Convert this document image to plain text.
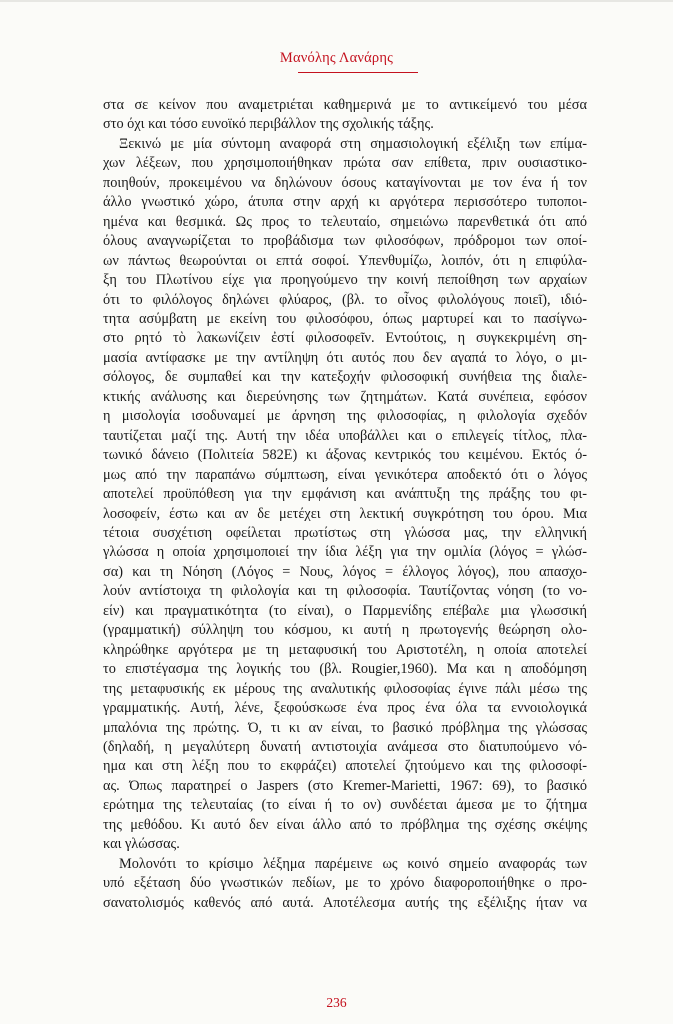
Μανόλης Λανάρης
στα σε κείνον που αναμετριέται καθημερινά με το αντικείμενό του μέσα
στο όχι και τόσο ευνοϊκό περιβάλλον της σχολικής τάξης.
Ξεκινώ με μία σύντομη αναφορά στη σημασιολογική εξέλιξη των επίμα-
χων λέξεων, που χρησιμοποιήθηκαν πρώτα σαν επίθετα, πριν ουσιαστικο-
ποιηθούν, προκειμένου να δηλώνουν όσους καταγίνονται με τον ένα ή τον
άλλο γνωστικό χώρο, άτυπα στην αρχή κι αργότερα περισσότερο τυποποι-
ημένα και θεσμικά. Ως προς το τελευταίο, σημειώνω παρενθετικά ότι από
όλους αναγνωρίζεται το προβάδισμα των φιλοσόφων, πρόδρομοι των οποί-
ων πάντως θεωρούνται οι επτά σοφοί. Υπενθυμίζω, λοιπόν, ότι η επιφύλα-
ξη του Πλωτίνου είχε για προηγούμενο την κοινή πεποίθηση των αρχαίων
ότι το φιλόλογος δηλώνει φλύαρος, (βλ. το οἶνος φιλολόγους ποιεῖ), ιδιό-
τητα ασύμβατη με εκείνη του φιλοσόφου, όπως μαρτυρεί και το πασίγνω-
στο ρητό τὸ λακωνίζειν ἐστί φιλοσοφεῖν. Εντούτοις, η συγκεκριμένη ση-
μασία αντίφασκε με την αντίληψη ότι αυτός που δεν αγαπά το λόγο, ο μι-
σόλογος, δε συμπαθεί και την κατεξοχήν φιλοσοφική συνήθεια της διαλε-
κτικής ανάλυσης και διερεύνησης των ζητημάτων. Κατά συνέπεια, εφόσον
η μισολογία ισοδυναμεί με άρνηση της φιλοσοφίας, η φιλολογία σχεδόν
ταυτίζεται μαζί της. Αυτή την ιδέα υποβάλλει και ο επιλεγείς τίτλος, πλα-
τωνικό δάνειο (Πολιτεία 582Ε) κι άξονας κεντρικός του κειμένου. Εκτός ό-
μως από την παραπάνω σύμπτωση, είναι γενικότερα αποδεκτό ότι ο λόγος
αποτελεί προϋπόθεση για την εμφάνιση και ανάπτυξη της πράξης του φι-
λοσοφείν, έστω και αν δε μετέχει στη λεκτική συγκρότηση του όρου. Μια
τέτοια συσχέτιση οφείλεται πρωτίστως στη γλώσσα μας, την ελληνική
γλώσσα η οποία χρησιμοποιεί την ίδια λέξη για την ομιλία (λόγος = γλώσ-
σα) και τη Νόηση (Λόγος = Νους, λόγος = έλλογος λόγος), που απασχο-
λούν αντίστοιχα τη φιλολογία και τη φιλοσοφία. Ταυτίζοντας νόηση (το νο-
είν) και πραγματικότητα (το είναι), ο Παρμενίδης επέβαλε μια γλωσσική
(γραμματική) σύλληψη του κόσμου, κι αυτή η πρωτογενής θεώρηση ολο-
κληρώθηκε αργότερα με τη μεταφυσική του Αριστοτέλη, η οποία αποτελεί
το επιστέγασμα της λογικής του (βλ. Rougier,1960). Μα και η αποδόμηση
της μεταφυσικής εκ μέρους της αναλυτικής φιλοσοφίας έγινε πάλι μέσω της
γραμματικής. Αυτή, λένε, ξεφούσκωσε ένα προς ένα όλα τα εννοιολογικά
μπαλόνια της πρώτης. Ό, τι κι αν είναι, το βασικό πρόβλημα της γλώσσας
(δηλαδή, η μεγαλύτερη δυνατή αντιστοιχία ανάμεσα στο διατυπούμενο νό-
ημα και στη λέξη που το εκφράζει) αποτελεί ζητούμενο και της φιλοσοφί-
ας. Όπως παρατηρεί ο Jaspers (στο Kremer-Marietti, 1967: 69), το βασικό
ερώτημα της τελευταίας (το είναι ή το ον) συνδέεται άμεσα με το ζήτημα
της μεθόδου. Κι αυτό δεν είναι άλλο από το πρόβλημα της σχέσης σκέψης
και γλώσσας.
Μολονότι το κρίσιμο λέξημα παρέμεινε ως κοινό σημείο αναφοράς των
υπό εξέταση δύο γνωστικών πεδίων, με το χρόνο διαφοροποιήθηκε ο προ-
σανατολισμός καθενός από αυτά. Αποτέλεσμα αυτής της εξέλιξης ήταν να
236
